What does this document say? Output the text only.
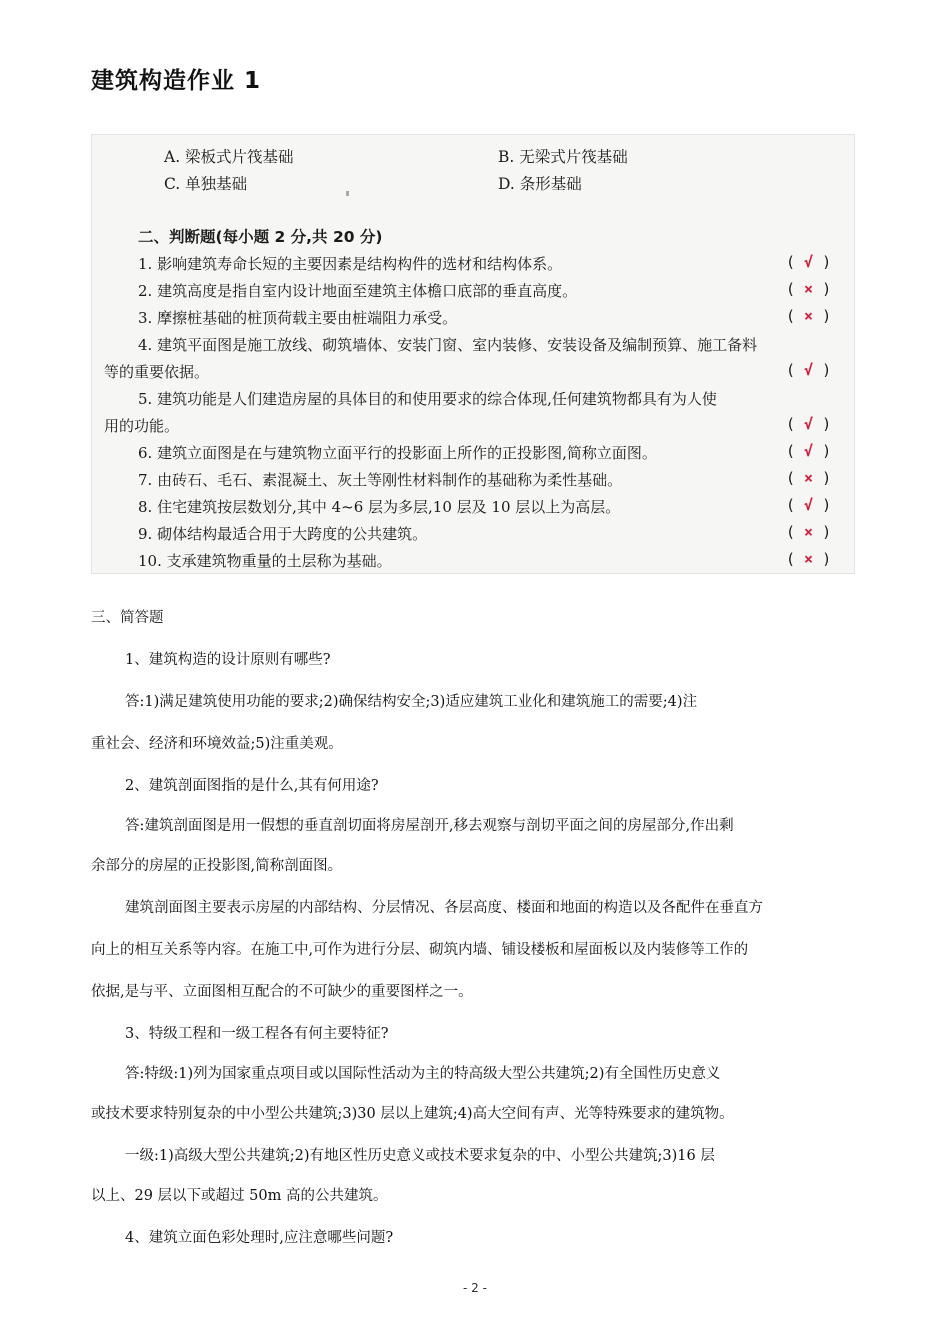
建筑构造作业 1
A. 梁板式片筏基础	B. 无梁式片筏基础
C. 单独基础	D. 条形基础
二、判断题(每小题 2 分,共 20 分)
1. 影响建筑寿命长短的主要因素是结构构件的选材和结构体系。	( √ )
2. 建筑高度是指自室内设计地面至建筑主体檐口底部的垂直高度。	( × )
3. 摩擦桩基础的桩顶荷载主要由桩端阻力承受。	( × )
4. 建筑平面图是施工放线、砌筑墙体、安装门窗、室内装修、安装设备及编制预算、施工备料
等的重要依据。	( √ )
5. 建筑功能是人们建造房屋的具体目的和使用要求的综合体现,任何建筑物都具有为人使
用的功能。	( √ )
6. 建筑立面图是在与建筑物立面平行的投影面上所作的正投影图,简称立面图。	( √ )
7. 由砖石、毛石、素混凝土、灰土等刚性材料制作的基础称为柔性基础。	( × )
8. 住宅建筑按层数划分,其中 4~6 层为多层,10 层及 10 层以上为高层。	( √ )
9. 砌体结构最适合用于大跨度的公共建筑。	( × )
10. 支承建筑物重量的土层称为基础。	( × )
三、简答题
1、建筑构造的设计原则有哪些?
答:1)满足建筑使用功能的要求;2)确保结构安全;3)适应建筑工业化和建筑施工的需要;4)注
重社会、经济和环境效益;5)注重美观。
2、建筑剖面图指的是什么,其有何用途?
答:建筑剖面图是用一假想的垂直剖切面将房屋剖开,移去观察与剖切平面之间的房屋部分,作出剩
余部分的房屋的正投影图,简称剖面图。
建筑剖面图主要表示房屋的内部结构、分层情况、各层高度、楼面和地面的构造以及各配件在垂直方
向上的相互关系等内容。在施工中,可作为进行分层、砌筑内墙、铺设楼板和屋面板以及内装修等工作的
依据,是与平、立面图相互配合的不可缺少的重要图样之一。
3、特级工程和一级工程各有何主要特征?
答:特级:1)列为国家重点项目或以国际性活动为主的特高级大型公共建筑;2)有全国性历史意义
或技术要求特别复杂的中小型公共建筑;3)30 层以上建筑;4)高大空间有声、光等特殊要求的建筑物。
一级:1)高级大型公共建筑;2)有地区性历史意义或技术要求复杂的中、小型公共建筑;3)16 层
以上、29 层以下或超过 50m 高的公共建筑。
4、建筑立面色彩处理时,应注意哪些问题?
- 2 -
